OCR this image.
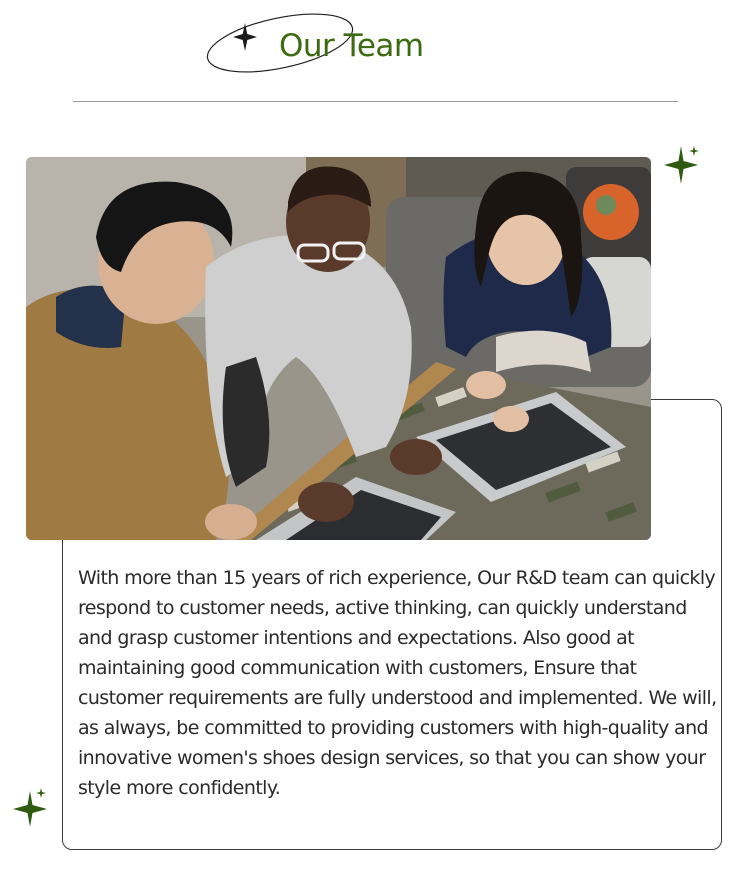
Our Team

With more than 15 years of rich experience, Our R&D team can quickly respond to customer needs, active thinking, can quickly understand and grasp customer intentions and expectations. Also good at maintaining good communication with customers, Ensure that customer requirements are fully understood and implemented. We will, as always, be committed to providing customers with high-quality and innovative women's shoes design services, so that you can show your style more confidently.
